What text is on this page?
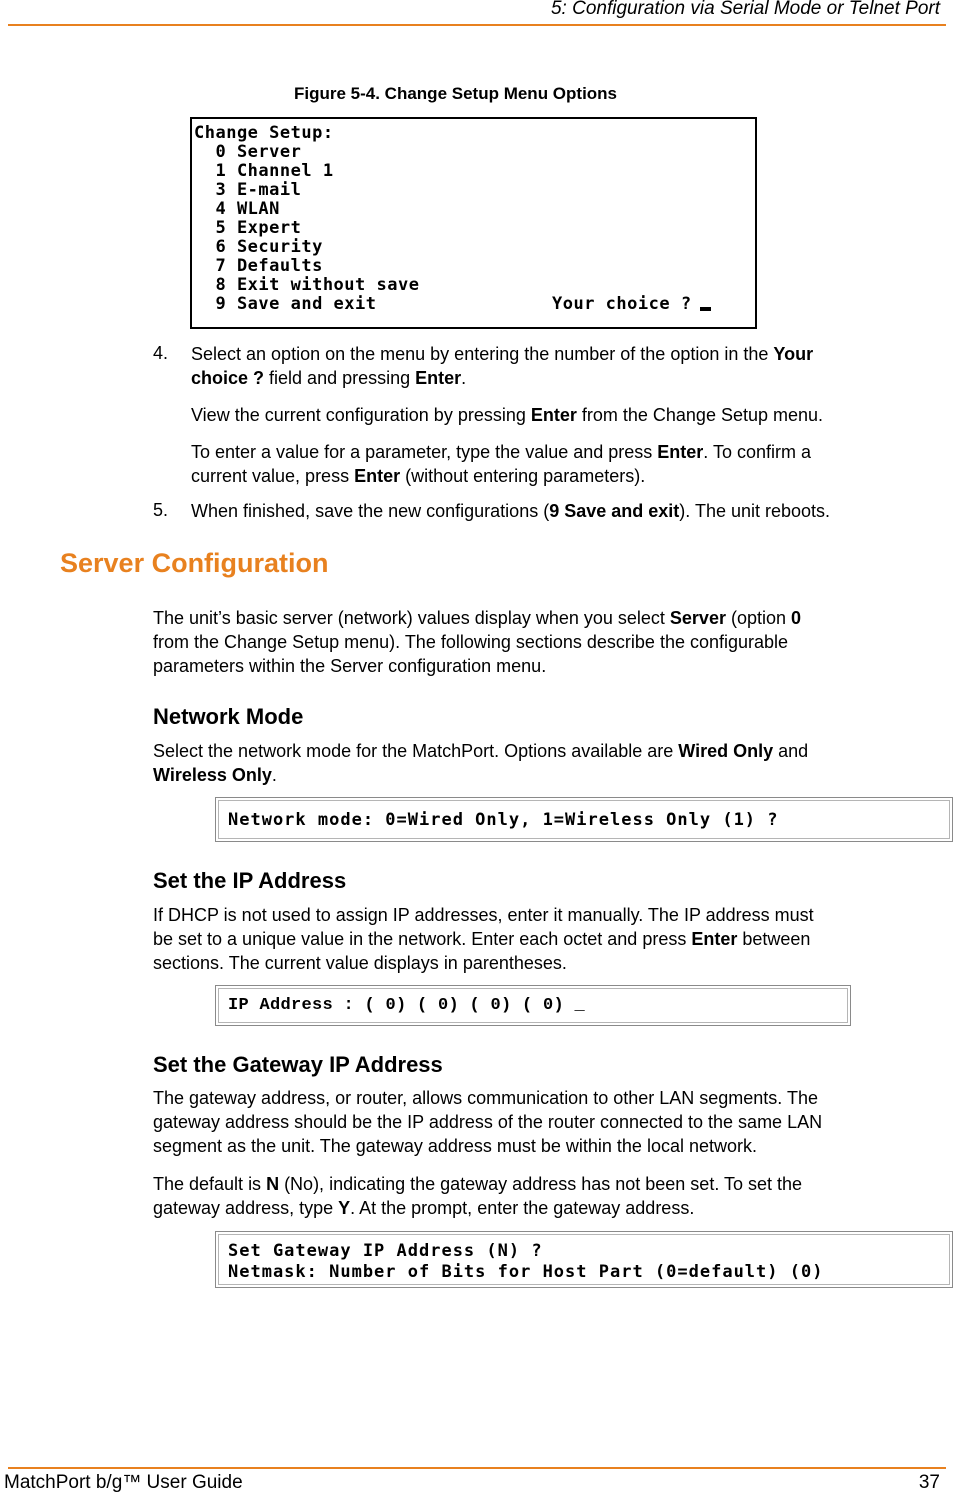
5: Configuration via Serial Mode or Telnet Port
Figure 5-4. Change Setup Menu Options
Change Setup:
0 Server
1 Channel 1
3 E-mail
4 WLAN
5 Expert
6 Security
7 Defaults
8 Exit without save
9 Save and exit	Your choice ?
4. Select an option on the menu by entering the number of the option in the Your
choice ? field and pressing Enter.
View the current configuration by pressing Enter from the Change Setup menu.
To enter a value for a parameter, type the value and press Enter. To confirm a
current value, press Enter (without entering parameters).
5. When finished, save the new configurations (9 Save and exit). The unit reboots.
Server Configuration
The unit’s basic server (network) values display when you select Server (option 0
from the Change Setup menu). The following sections describe the configurable
parameters within the Server configuration menu.
Network Mode
Select the network mode for the MatchPort. Options available are Wired Only and
Wireless Only.
Network mode: 0=Wired Only, 1=Wireless Only (1) ?
Set the IP Address
If DHCP is not used to assign IP addresses, enter it manually. The IP address must
be set to a unique value in the network. Enter each octet and press Enter between
sections. The current value displays in parentheses.
IP Address : ( 0) ( 0) ( 0) ( 0) _
Set the Gateway IP Address
The gateway address, or router, allows communication to other LAN segments. The
gateway address should be the IP address of the router connected to the same LAN
segment as the unit. The gateway address must be within the local network.
The default is N (No), indicating the gateway address has not been set. To set the
gateway address, type Y. At the prompt, enter the gateway address.
Set Gateway IP Address (N) ?
Netmask: Number of Bits for Host Part (0=default) (0)
MatchPort b/g™ User Guide	37
